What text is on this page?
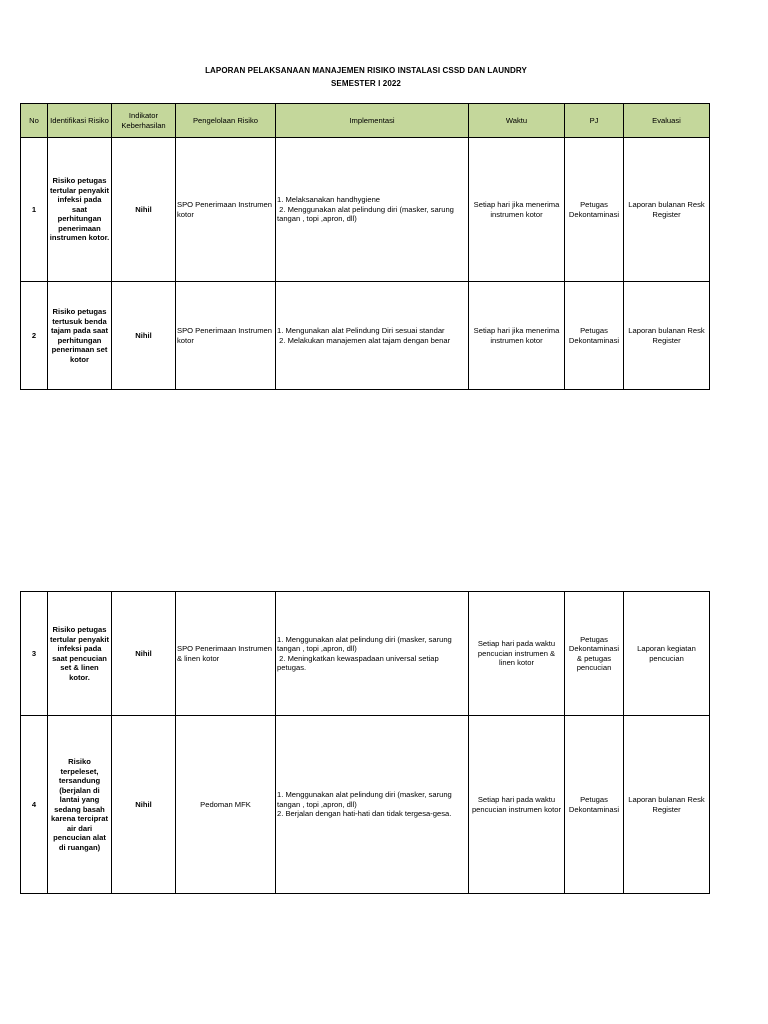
LAPORAN PELAKSANAAN MANAJEMEN RISIKO INSTALASI CSSD DAN LAUNDRY
SEMESTER I 2022
No	Identifikasi Risiko	Indikator Keberhasilan	Pengelolaan Risiko	Implementasi	Waktu	PJ	Evaluasi
1	Risiko petugas tertular penyakit infeksi pada saat perhitungan penerimaan instrumen kotor.	Nihil	SPO Penerimaan Instrumen kotor	1. Melaksanakan handhygiene
2. Menggunakan alat pelindung diri (masker, sarung tangan , topi ,apron, dll)	Setiap hari jika menerima instrumen kotor	Petugas Dekontaminasi	Laporan bulanan Resk Register
2	Risiko petugas tertusuk benda tajam pada saat perhitungan penerimaan set kotor	Nihil	SPO Penerimaan Instrumen kotor	1. Mengunakan alat Pelindung Diri sesuai standar
2. Melakukan manajemen alat tajam dengan benar	Setiap hari jika menerima instrumen kotor	Petugas Dekontaminasi	Laporan bulanan Resk Register
3	Risiko petugas tertular penyakit infeksi pada saat pencucian set & linen kotor.	Nihil	SPO Penerimaan Instrumen & linen kotor	1. Menggunakan alat pelindung diri (masker, sarung tangan , topi ,apron, dll)
2. Meningkatkan kewaspadaan universal setiap petugas.	Setiap hari pada waktu pencucian instrumen & linen kotor	Petugas Dekontaminasi & petugas pencucian	Laporan kegiatan pencucian
4	Risiko terpeleset, tersandung (berjalan di lantai yang sedang basah karena terciprat air dari pencucian alat di ruangan)	Nihil	Pedoman MFK	1. Menggunakan alat pelindung diri (masker, sarung tangan , topi ,apron, dll)
2. Berjalan dengan hati-hati dan tidak tergesa-gesa.	Setiap hari pada waktu pencucian instrumen kotor	Petugas Dekontaminasi	Laporan bulanan Resk Register
